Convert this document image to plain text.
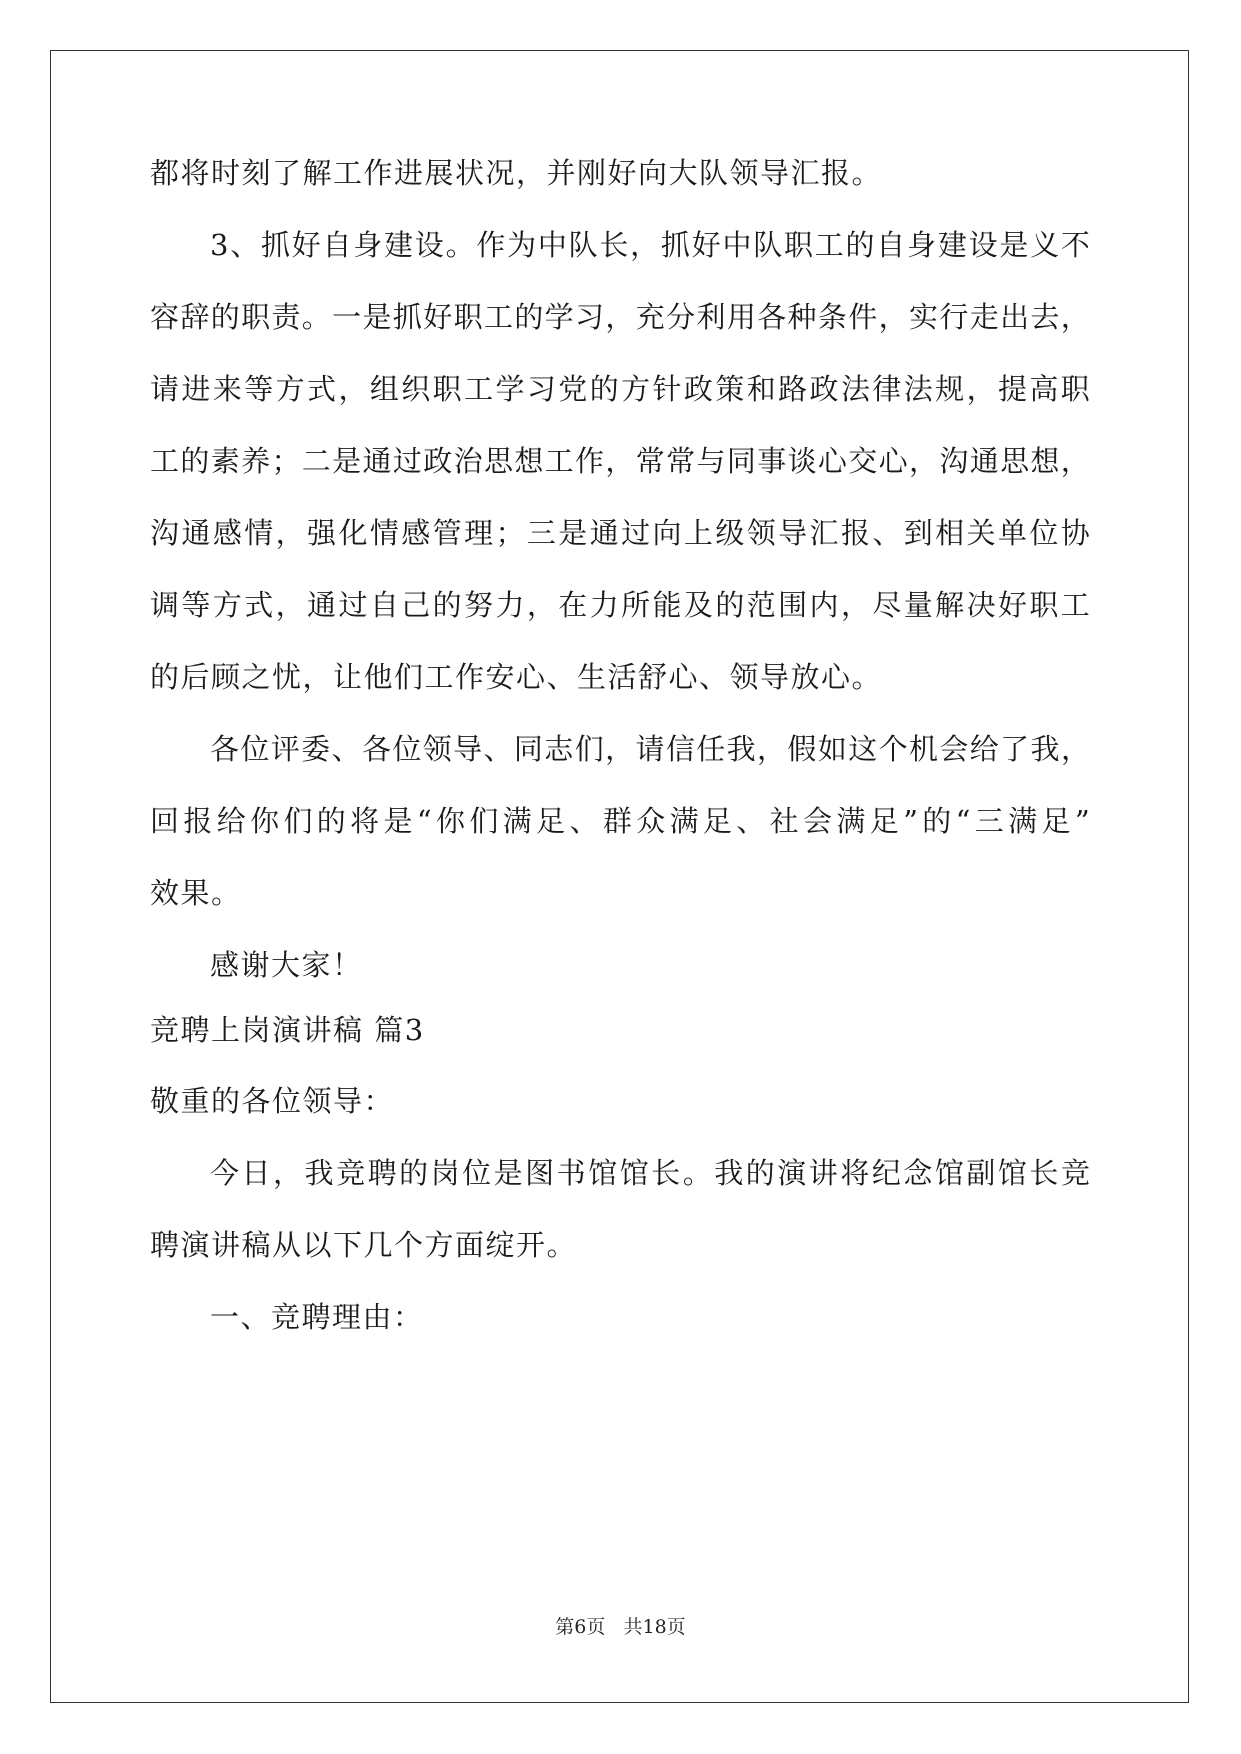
都将时刻了解工作进展状况，并刚好向大队领导汇报。
3 、 抓 好 自 身 建 设 。 作 为 中 队 长 ， 抓 好 中 队 职 工 的 自 身 建 设 是 义 不
容 辞 的 职 责 。 一 是 抓 好 职 工 的 学 习 ， 充 分 利 用 各 种 条 件 ， 实 行 走 出 去 ，
请 进 来 等 方 式 ， 组 织 职 工 学 习 党 的 方 针 政 策 和 路 政 法 律 法 规 ， 提 高 职
工 的 素 养 ； 二 是 通 过 政 治 思 想 工 作 ， 常 常 与 同 事 谈 心 交 心 ， 沟 通 思 想 ，
沟 通 感 情 ， 强 化 情 感 管 理 ； 三 是 通 过 向 上 级 领 导 汇 报 、 到 相 关 单 位 协
调 等 方 式 ， 通 过 自 己 的 努 力 ， 在 力 所 能 及 的 范 围 内 ， 尽 量 解 决 好 职 工
的后顾之忧，让他们工作安心、生活舒心、领导放心。
各 位 评 委 、 各 位 领 导 、 同 志 们 ， 请 信 任 我 ， 假 如 这 个 机 会 给 了 我 ，
回 报 给 你 们 的 将 是 “ 你 们 满 足 、 群 众 满 足 、 社 会 满 足 ” 的 “ 三 满 足 ”
效果。
感谢大家！
竞聘上岗演讲稿 篇3
敬重的各位领导：
今 日 ， 我 竞 聘 的 岗 位 是 图 书 馆 馆 长 。 我 的 演 讲 将 纪 念 馆 副 馆 长 竞
聘演讲稿从以下几个方面绽开。
一、竞聘理由：
第6页   共18页
